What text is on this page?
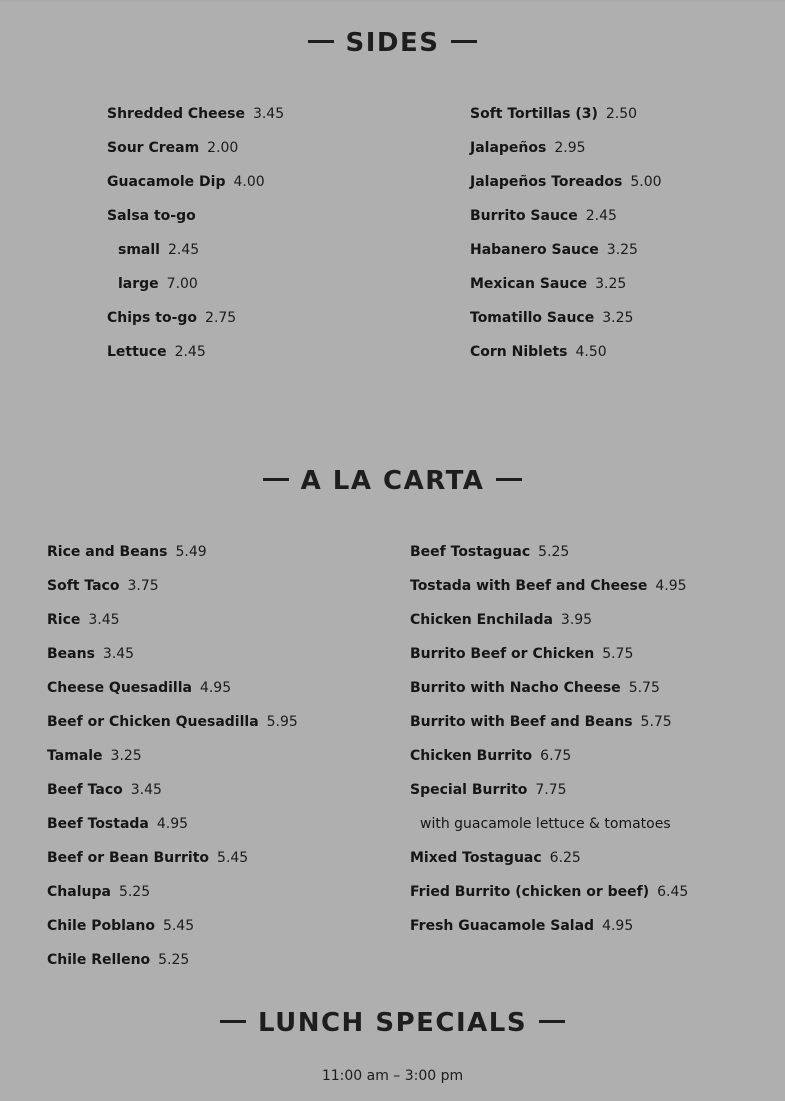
SIDES
Shredded Cheese 3.45
Sour Cream 2.00
Guacamole Dip 4.00
Salsa to-go
small 2.45
large 7.00
Chips to-go 2.75
Lettuce 2.45
Soft Tortillas (3) 2.50
Jalapeños 2.95
Jalapeños Toreados 5.00
Burrito Sauce 2.45
Habanero Sauce 3.25
Mexican Sauce 3.25
Tomatillo Sauce 3.25
Corn Niblets 4.50
A LA CARTA
Rice and Beans 5.49
Soft Taco 3.75
Rice 3.45
Beans 3.45
Cheese Quesadilla 4.95
Beef or Chicken Quesadilla 5.95
Tamale 3.25
Beef Taco 3.45
Beef Tostada 4.95
Beef or Bean Burrito 5.45
Chalupa 5.25
Chile Poblano 5.45
Chile Relleno 5.25
Beef Tostaguac 5.25
Tostada with Beef and Cheese 4.95
Chicken Enchilada 3.95
Burrito Beef or Chicken 5.75
Burrito with Nacho Cheese 5.75
Burrito with Beef and Beans 5.75
Chicken Burrito 6.75
Special Burrito 7.75
with guacamole lettuce & tomatoes
Mixed Tostaguac 6.25
Fried Burrito (chicken or beef) 6.45
Fresh Guacamole Salad 4.95
LUNCH SPECIALS
11:00 am – 3:00 pm
